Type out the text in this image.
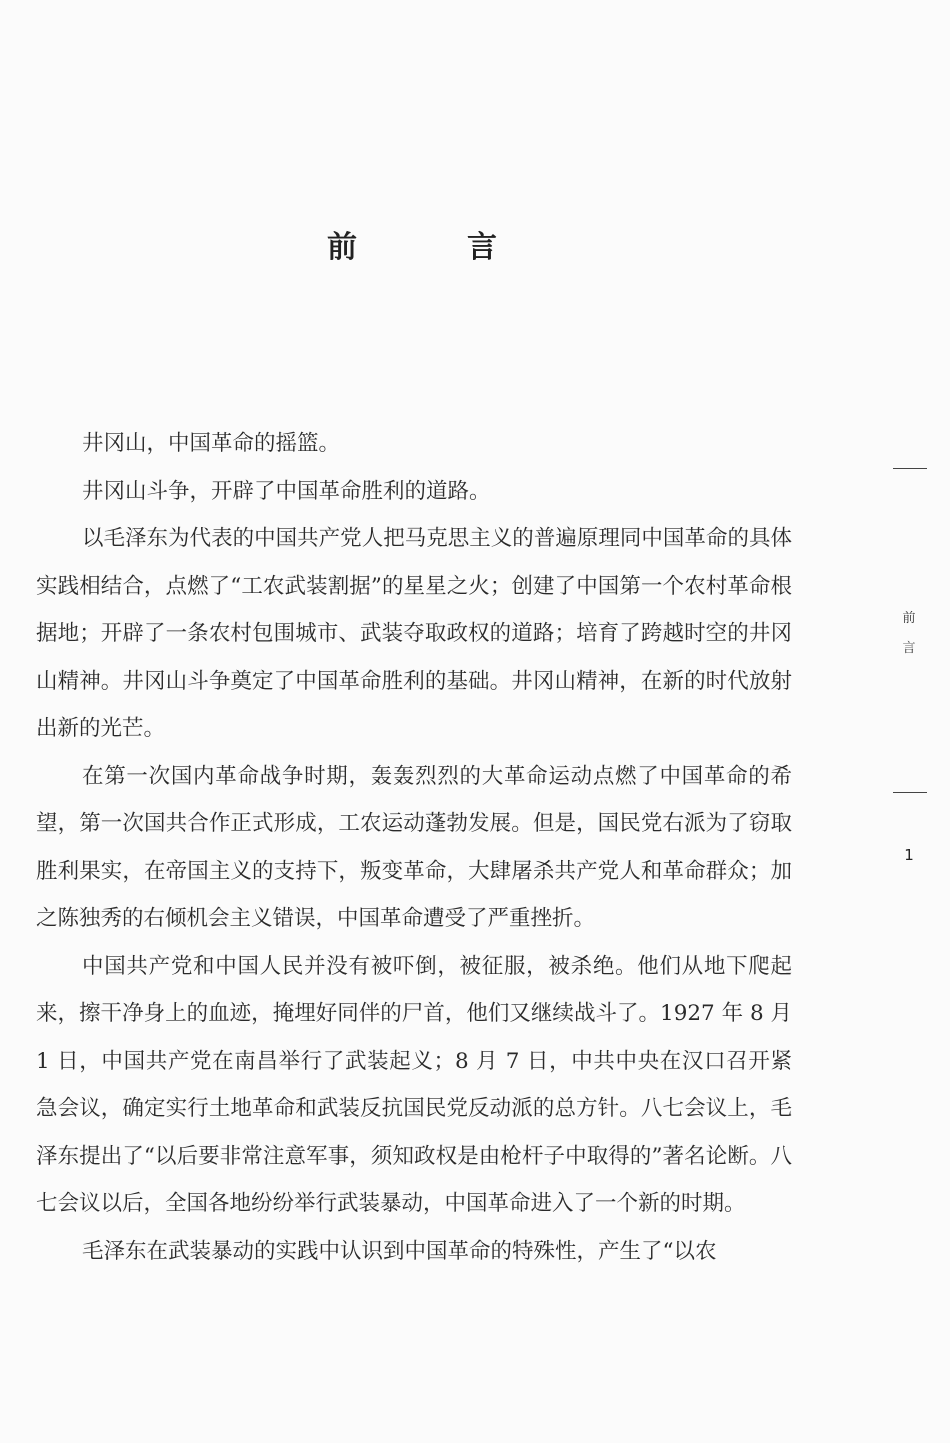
前　言

井冈山，中国革命的摇篮。

井冈山斗争，开辟了中国革命胜利的道路。

以毛泽东为代表的中国共产党人把马克思主义的普遍原理同中国革命的具体实践相结合，点燃了“工农武装割据”的星星之火；创建了中国第一个农村革命根据地；开辟了一条农村包围城市、武装夺取政权的道路；培育了跨越时空的井冈山精神。井冈山斗争奠定了中国革命胜利的基础。井冈山精神，在新的时代放射出新的光芒。

在第一次国内革命战争时期，轰轰烈烈的大革命运动点燃了中国革命的希望，第一次国共合作正式形成，工农运动蓬勃发展。但是，国民党右派为了窃取胜利果实，在帝国主义的支持下，叛变革命，大肆屠杀共产党人和革命群众；加之陈独秀的右倾机会主义错误，中国革命遭受了严重挫折。

中国共产党和中国人民并没有被吓倒，被征服，被杀绝。他们从地下爬起来，擦干净身上的血迹，掩埋好同伴的尸首，他们又继续战斗了。1927 年 8 月 1 日，中国共产党在南昌举行了武装起义；8 月 7 日，中共中央在汉口召开紧急会议，确定实行土地革命和武装反抗国民党反动派的总方针。八七会议上，毛泽东提出了“以后要非常注意军事，须知政权是由枪杆子中取得的”著名论断。八七会议以后，全国各地纷纷举行武装暴动，中国革命进入了一个新的时期。

毛泽东在武装暴动的实践中认识到中国革命的特殊性，产生了“以农

前言
1
